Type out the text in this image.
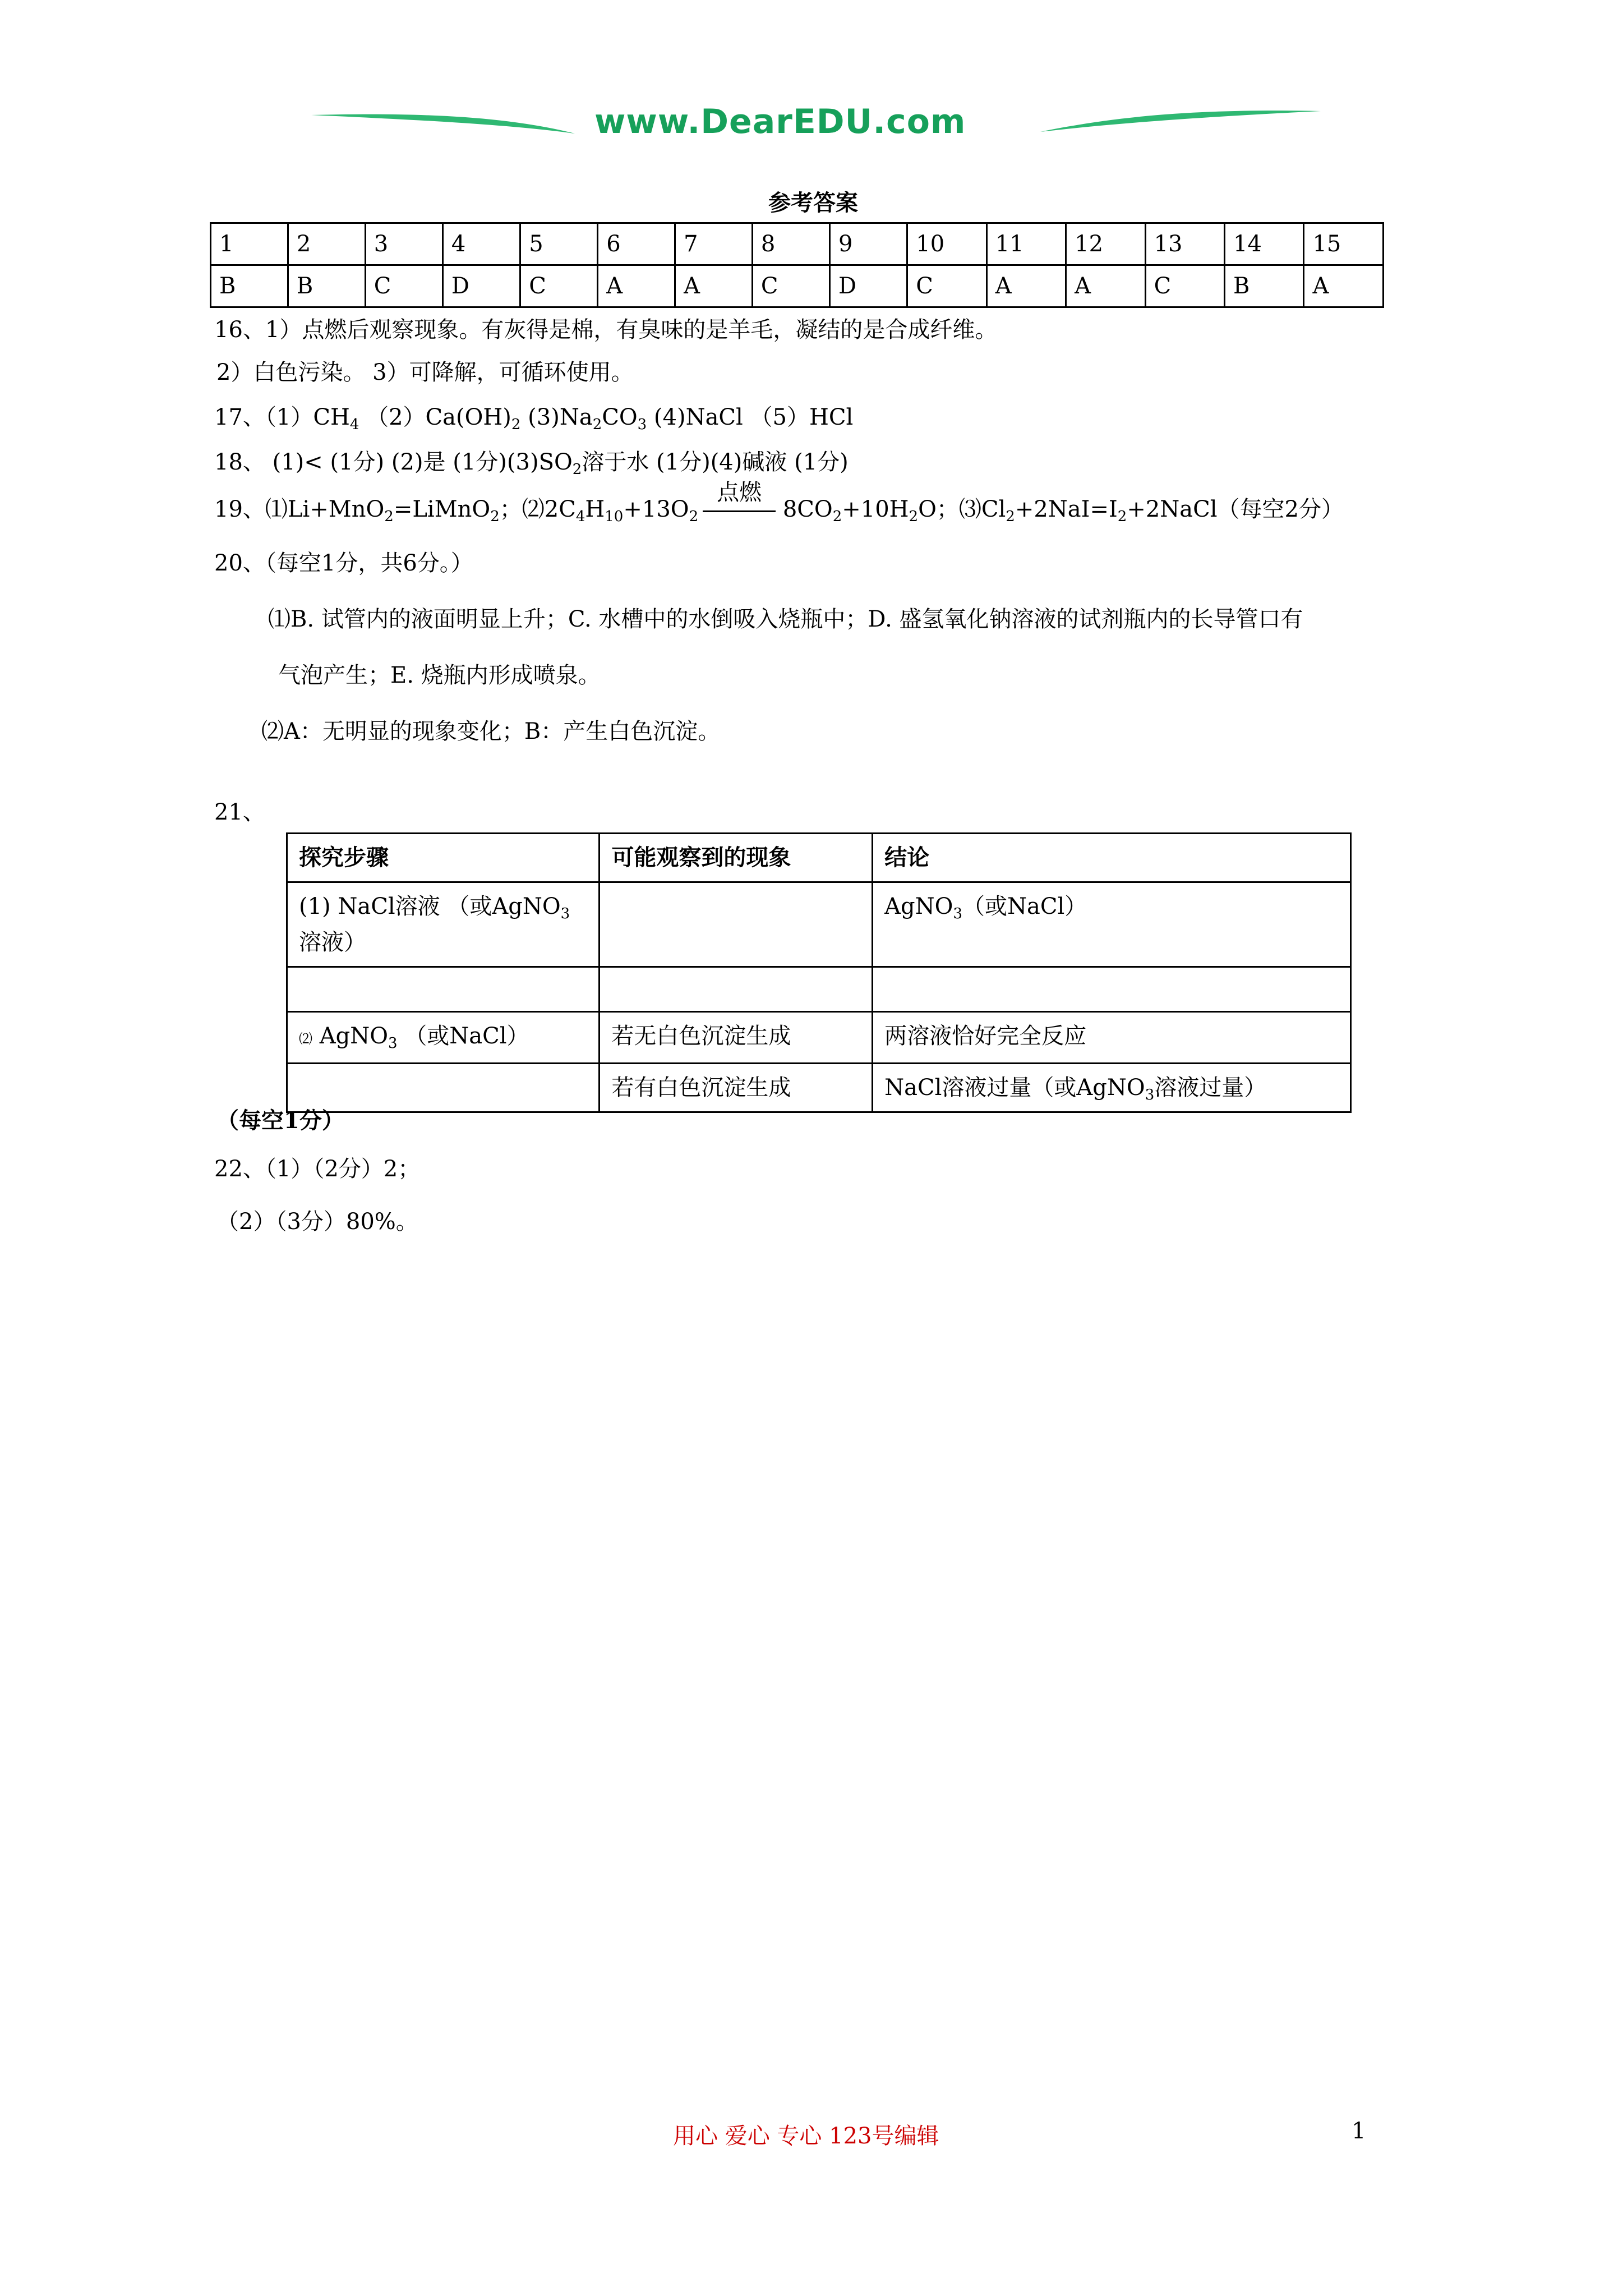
www.DearEDU.com
参考答案
1	2	3	4	5	6	7	8	9	10	11	12	13	14	15
B	B	C	D	C	A	A	C	D	C	A	A	C	B	A
16、1）点燃后观察现象。有灰得是棉，有臭味的是羊毛，凝结的是合成纤维。
2）白色污染。 3）可降解，可循环使用。
17、$(1)CH_4$ $(2)Ca(OH)_2$ $(3)Na_2CO_3$ (4)NaCl （5）HCl
18、 (1)< (1分) (2)是 (1分)$(3)SO_2$溶于水 (1分)(4)碱液 (1分)
19、⑴Li+MnO$_2$=LiMnO$_2$；$⑵2C_4H_{10}+13O_2$
点燃
$8CO_2+10H_2O$；$⑶Cl_2+2NaI=I_2+2NaCl$（每空2分）
20、（每空1分，共6分。）
⑴B. 试管内的液面明显上升；C. 水槽中的水倒吸入烧瓶中；D. 盛氢氧化钠溶液的试剂瓶内的长导管口有
气泡产生；E. 烧瓶内形成喷泉。
⑵A：无明显的现象变化；B：产生白色沉淀。
21、
探究步骤	可能观察到的现象	结论
(1) NaCl溶液 （或AgNO$_3$溶液）		AgNO$_3$（或NaCl）

⑵ AgNO$_3$ （或NaCl）	若无白色沉淀生成	两溶液恰好完全反应
	若有白色沉淀生成	NaCl溶液过量（或AgNO$_3$溶液过量）
（每空1分）
22、（1）（2分）2；
（2）（3分）80%。
用心 爱心 专心 123号编辑	1
